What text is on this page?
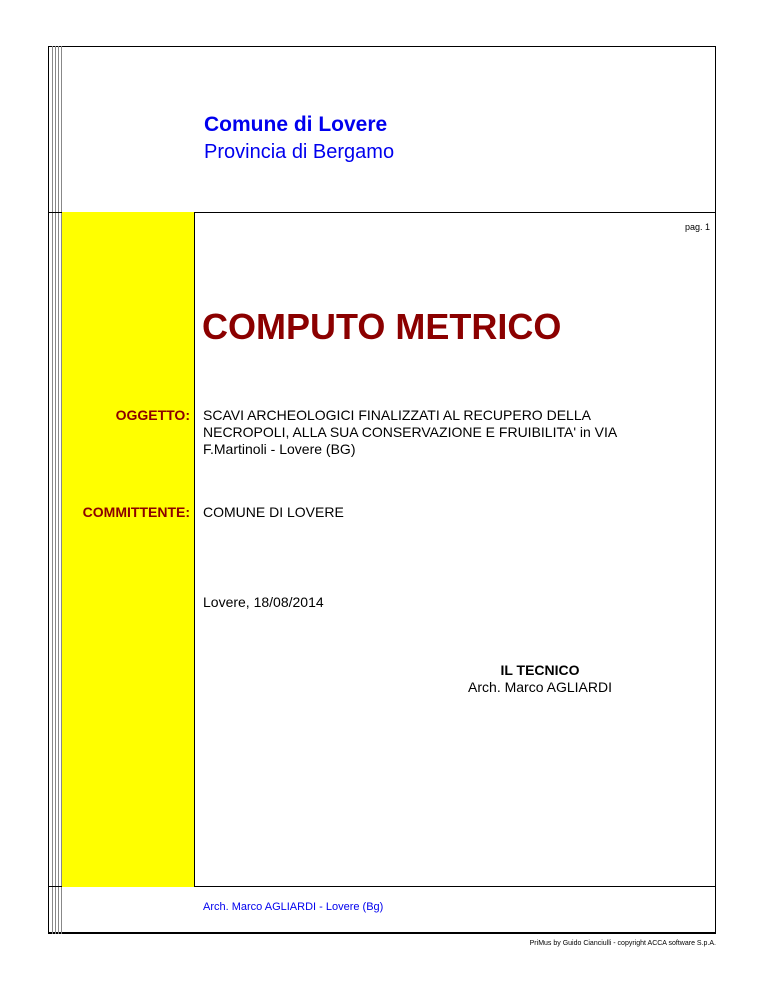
Comune di Lovere
Provincia di Bergamo
pag. 1
COMPUTO METRICO
OGGETTO: SCAVI ARCHEOLOGICI FINALIZZATI AL RECUPERO DELLA
NECROPOLI, ALLA SUA CONSERVAZIONE E FRUIBILITA' in VIA
F.Martinoli - Lovere (BG)
COMMITTENTE: COMUNE DI LOVERE
Lovere, 18/08/2014
IL TECNICO
Arch. Marco AGLIARDI
Arch. Marco AGLIARDI - Lovere (Bg)
PriMus by Guido Cianciulli - copyright ACCA software S.p.A.
